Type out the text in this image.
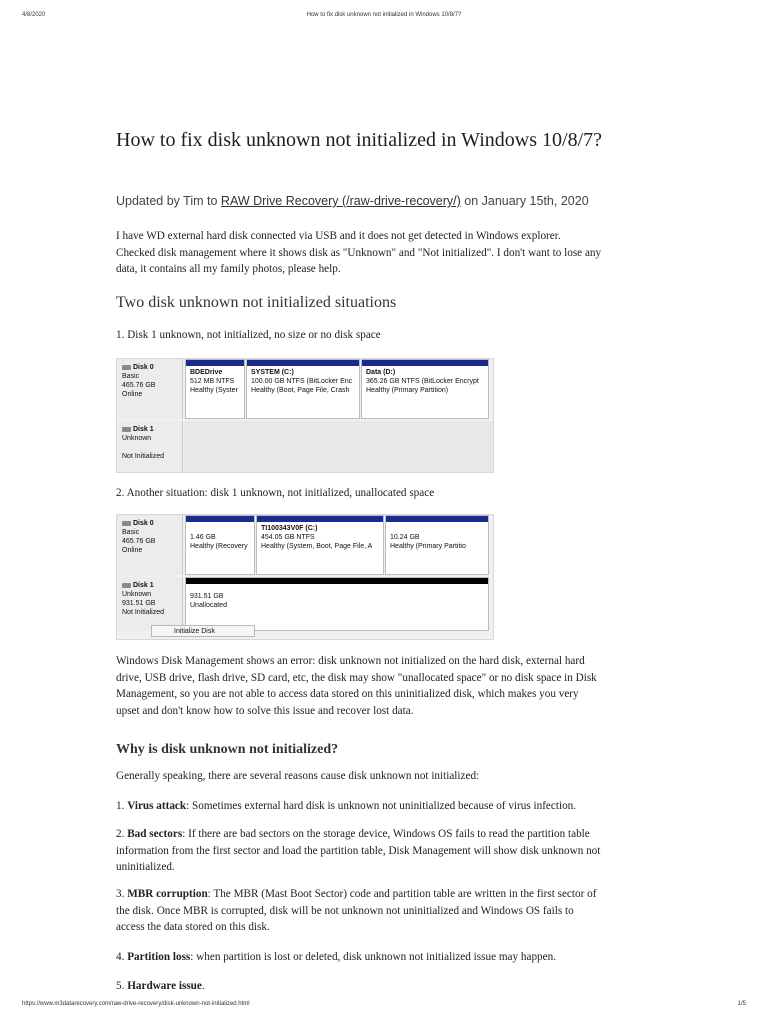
4/8/2020	How to fix disk unknown not initialized in Windows 10/8/7?
How to fix disk unknown not initialized in Windows 10/8/7?
Updated by Tim to RAW Drive Recovery (/raw-drive-recovery/) on January 15th, 2020
I have WD external hard disk connected via USB and it does not get detected in Windows explorer. Checked disk management where it shows disk as "Unknown" and "Not initialized". I don't want to lose any data, it contains all my family photos, please help.
Two disk unknown not initialized situations
1. Disk 1 unknown, not initialized, no size or no disk space
Disk 0
Basic
465.76 GB
Online
BDEDrive
512 MB NTFS
Healthy (Syster
SYSTEM (C:)
100.00 GB NTFS (BitLocker Enc
Healthy (Boot, Page File, Crash
Data (D:)
365.26 GB NTFS (BitLocker Encrypt
Healthy (Primary Partition)
Disk 1
Unknown
Not Initialized
2. Another situation: disk 1 unknown, not initialized, unallocated space
Disk 0
Basic
465.76 GB
Online

1.46 GB
Healthy (Recovery
TI100343V0F (C:)
454.05 GB NTFS
Healthy (System, Boot, Page File, A

10.24 GB
Healthy (Primary Partitio
Disk 1
Unknown
931.51 GB
Not Initialized
931.51 GB
Unallocated
Initialize Disk
Windows Disk Management shows an error: disk unknown not initialized on the hard disk, external hard drive, USB drive, flash drive, SD card, etc, the disk may show "unallocated space" or no disk space in Disk Management, so you are not able to access data stored on this uninitialized disk, which makes you very upset and don't know how to solve this issue and recover lost data.
Why is disk unknown not initialized?
Generally speaking, there are several reasons cause disk unknown not initialized:
1. Virus attack: Sometimes external hard disk is unknown not uninitialized because of virus infection.
2. Bad sectors: If there are bad sectors on the storage device, Windows OS fails to read the partition table information from the first sector and load the partition table, Disk Management will show disk unknown not uninitialized.
3. MBR corruption: The MBR (Mast Boot Sector) code and partition table are written in the first sector of the disk. Once MBR is corrupted, disk will be not unknown not uninitialized and Windows OS fails to access the data stored on this disk.
4. Partition loss: when partition is lost or deleted, disk unknown not initialized issue may happen.
5. Hardware issue.
https://www.m3datarecovery.com/raw-drive-recovery/disk-unknown-not-initialized.html	1/5
